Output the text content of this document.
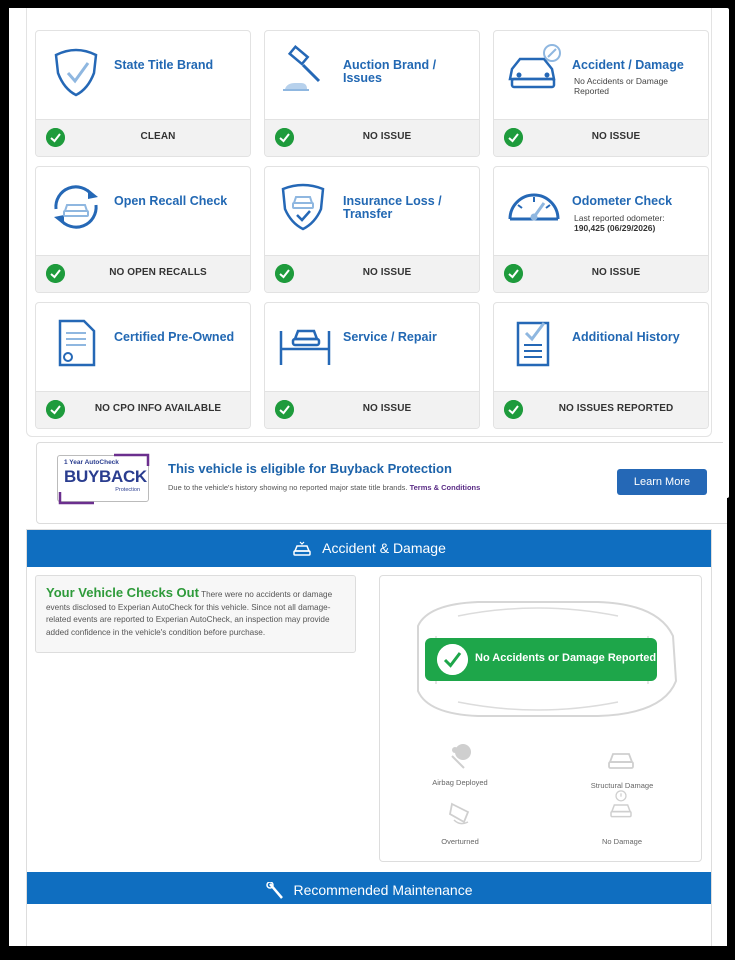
State Title Brand
CLEAN
Auction Brand / Issues
NO ISSUE
Accident / Damage
No Accidents or Damage Reported
NO ISSUE
Open Recall Check
NO OPEN RECALLS
Insurance Loss / Transfer
NO ISSUE
Odometer Check
Last reported odometer:
190,425 (06/29/2026)
NO ISSUE
Certified Pre-Owned
NO CPO INFO AVAILABLE
Service / Repair
NO ISSUE
Additional History
NO ISSUES REPORTED
1 Year AutoCheck
BUYBACK
Protection
This vehicle is eligible for Buyback Protection
Due to the vehicle's history showing no reported major state title brands. Terms & Conditions	Learn More
Accident & Damage
Your Vehicle Checks Out There were no accidents or damage events disclosed to Experian AutoCheck for this vehicle. Since not all damage-related events are reported to Experian AutoCheck, an inspection may provide added confidence in the vehicle's condition before purchase.
No Accidents or Damage Reported
Airbag Deployed	Structural Damage
Overturned	No Damage
Recommended Maintenance
